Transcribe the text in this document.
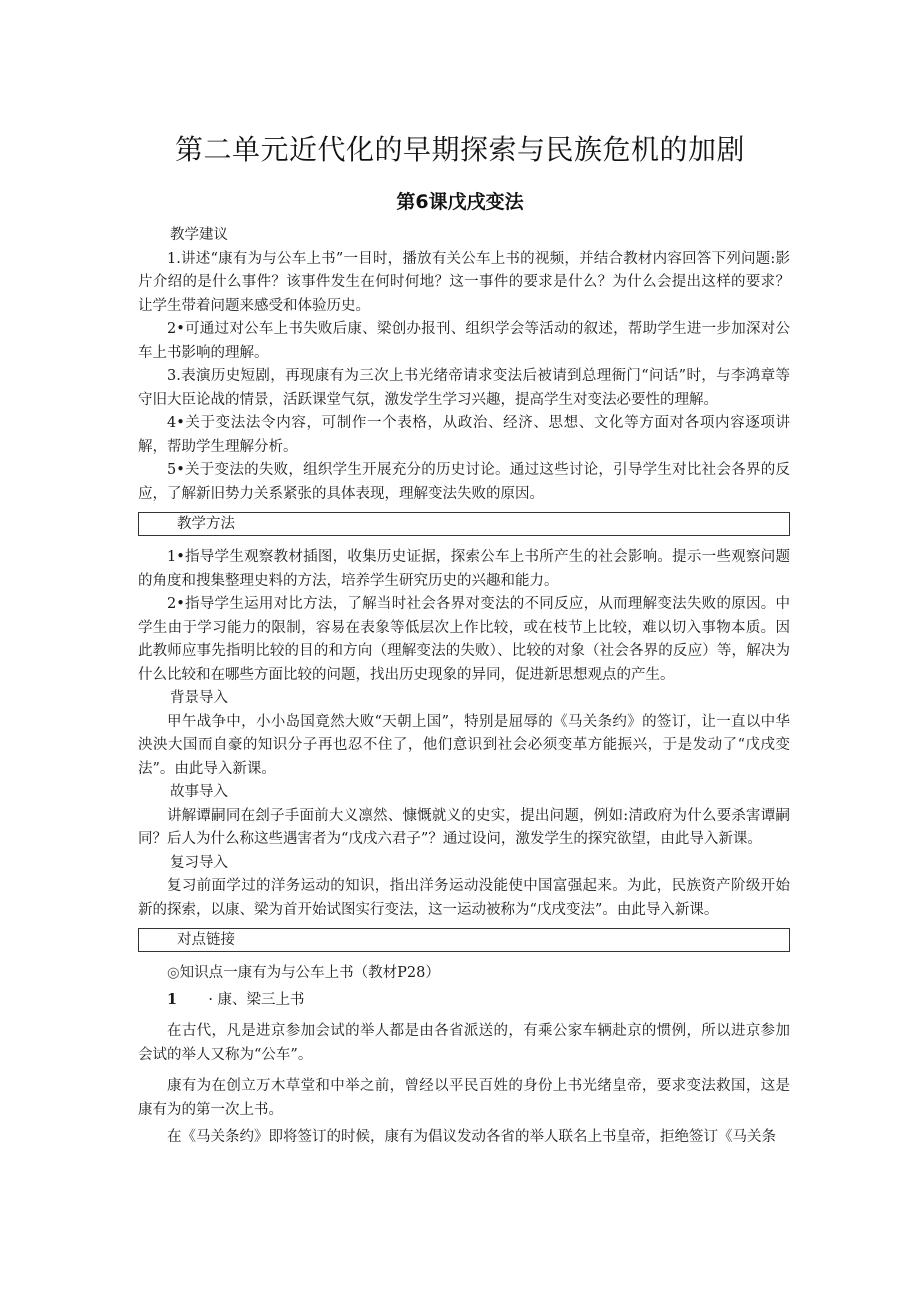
第二单元近代化的早期探索与民族危机的加剧
第6课戊戌变法

教学建议

1.讲述“康有为与公车上书”一目时，播放有关公车上书的视频，并结合教材内容回答下列问题:影片介绍的是什么事件？该事件发生在何时何地？这一事件的要求是什么？为什么会提出这样的要求？让学生带着问题来感受和体验历史。

2•可通过对公车上书失败后康、梁创办报刊、组织学会等活动的叙述，帮助学生进一步加深对公车上书影响的理解。

3.表演历史短剧，再现康有为三次上书光绪帝请求变法后被请到总理衙门“问话”时，与李鸿章等守旧大臣论战的情景，活跃课堂气氛，激发学生学习兴趣，提高学生对变法必要性的理解。

4•关于变法法令内容，可制作一个表格，从政治、经济、思想、文化等方面对各项内容逐项讲解，帮助学生理解分析。

5•关于变法的失败，组织学生开展充分的历史讨论。通过这些讨论，引导学生对比社会各界的反应，了解新旧势力关系紧张的具体表现，理解变法失败的原因。

教学方法

1•指导学生观察教材插图，收集历史证据，探索公车上书所产生的社会影响。提示一些观察问题的角度和搜集整理史料的方法，培养学生研究历史的兴趣和能力。

2•指导学生运用对比方法，了解当时社会各界对变法的不同反应，从而理解变法失败的原因。中学生由于学习能力的限制，容易在表象等低层次上作比较，或在枝节上比较，难以切入事物本质。因此教师应事先指明比较的目的和方向（理解变法的失败）、比较的对象（社会各界的反应）等，解决为什么比较和在哪些方面比较的问题，找出历史现象的异同，促进新思想观点的产生。

背景导入

甲午战争中，小小岛国竟然大败“天朝上国”，特别是屈辱的《马关条约》的签订，让一直以中华泱泱大国而自豪的知识分子再也忍不住了，他们意识到社会必须变革方能振兴，于是发动了“戊戌变法”。由此导入新课。

故事导入

讲解谭嗣同在刽子手面前大义凛然、慷慨就义的史实，提出问题，例如:清政府为什么要杀害谭嗣同？后人为什么称这些遇害者为“戊戌六君子”？通过设问，激发学生的探究欲望，由此导入新课。

复习导入

复习前面学过的洋务运动的知识，指出洋务运动没能使中国富强起来。为此，民族资产阶级开始新的探索，以康、梁为首开始试图实行变法，这一运动被称为“戊戌变法”。由此导入新课。

对点链接

◎知识点一康有为与公车上书（教材P28）

1 · 康、梁三上书

在古代，凡是进京参加会试的举人都是由各省派送的，有乘公家车辆赴京的惯例，所以进京参加会试的举人又称为“公车”。

康有为在创立万木草堂和中举之前，曾经以平民百姓的身份上书光绪皇帝，要求变法救国，这是康有为的第一次上书。

在《马关条约》即将签订的时候，康有为倡议发动各省的举人联名上书皇帝，拒绝签订《马关条
